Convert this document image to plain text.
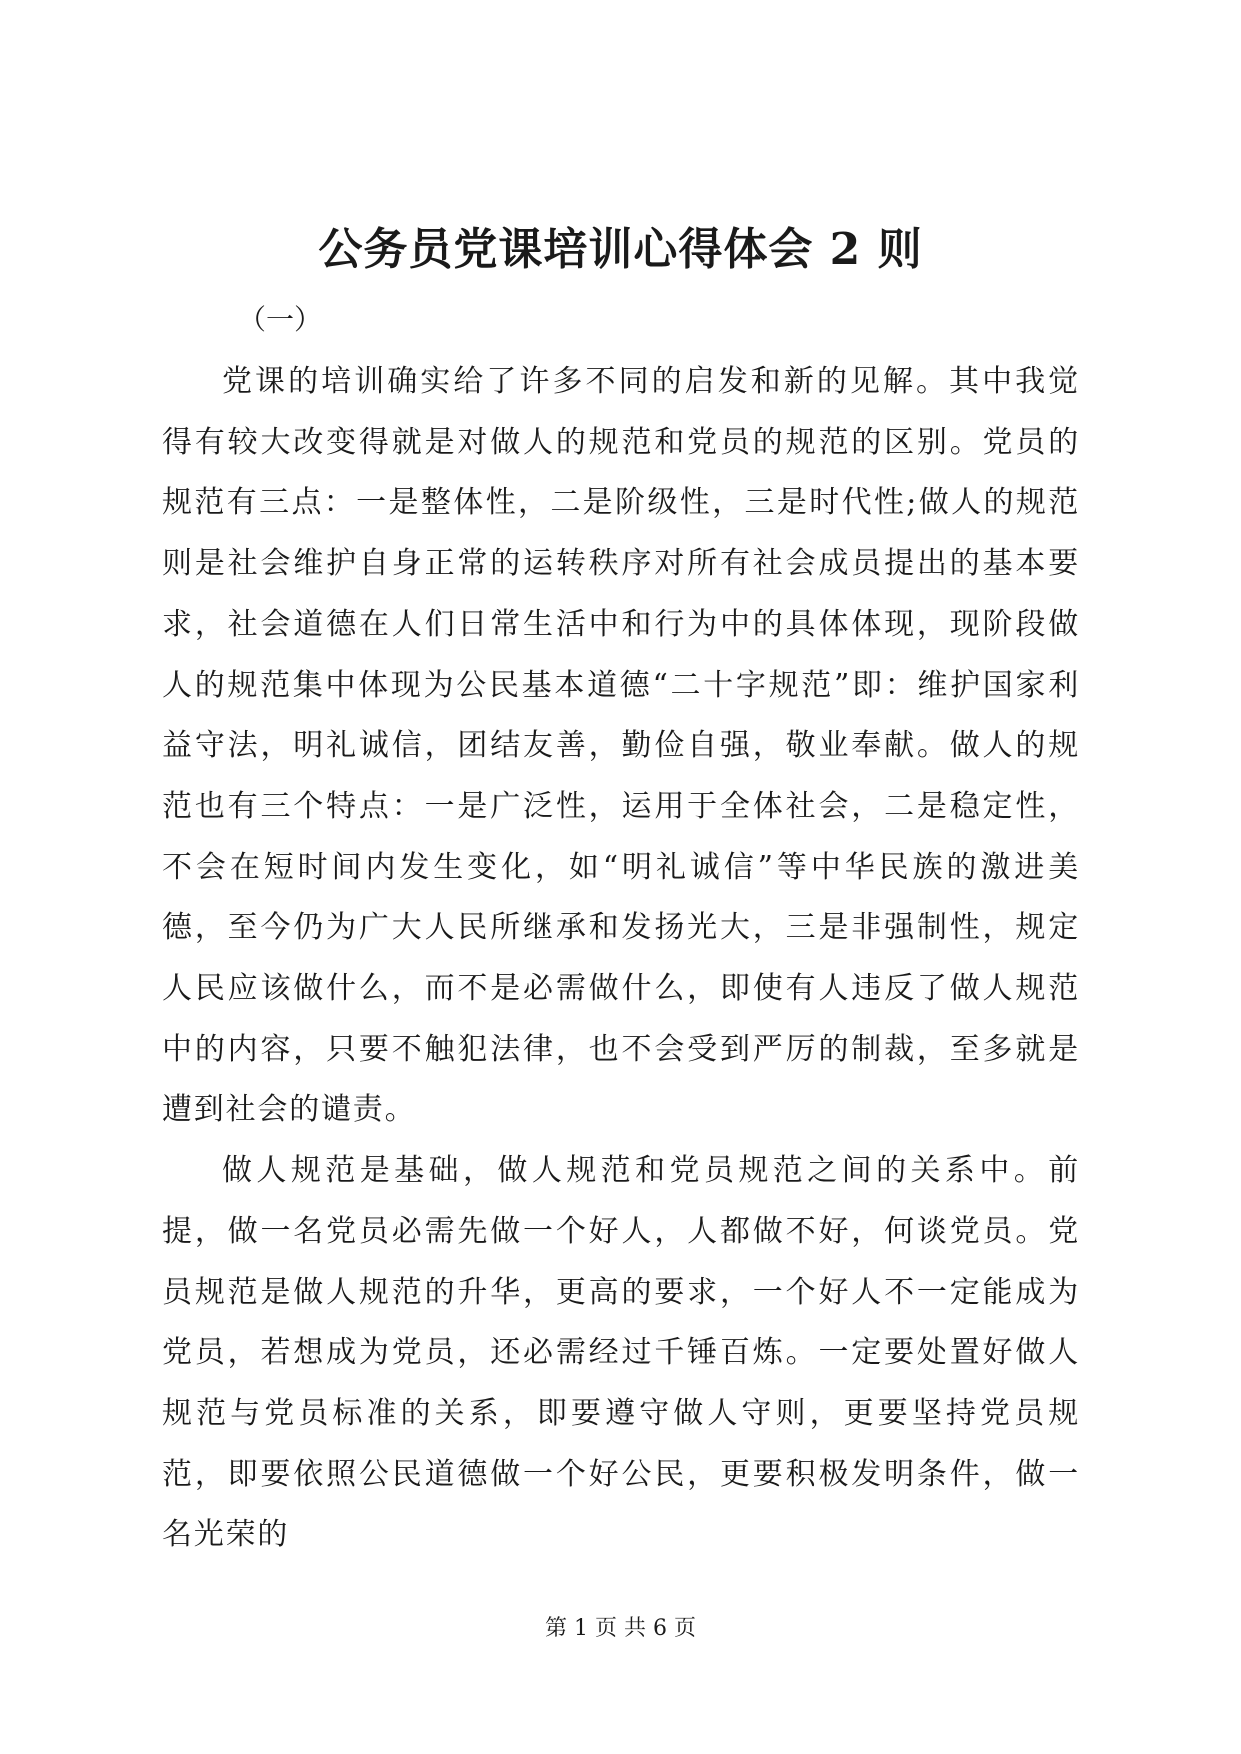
公务员党课培训心得体会 2 则

（一）

党课的培训确实给了许多不同的启发和新的见解。其中我觉得有较大改变得就是对做人的规范和党员的规范的区别。党员的规范有三点：一是整体性，二是阶级性，三是时代性;做人的规范则是社会维护自身正常的运转秩序对所有社会成员提出的基本要求，社会道德在人们日常生活中和行为中的具体体现，现阶段做人的规范集中体现为公民基本道德“二十字规范”即：维护国家利益守法，明礼诚信，团结友善，勤俭自强，敬业奉献。做人的规范也有三个特点：一是广泛性，运用于全体社会，二是稳定性，不会在短时间内发生变化，如“明礼诚信”等中华民族的激进美德，至今仍为广大人民所继承和发扬光大，三是非强制性，规定人民应该做什么，而不是必需做什么，即使有人违反了做人规范中的内容，只要不触犯法律，也不会受到严厉的制裁，至多就是遭到社会的谴责。

做人规范是基础，做人规范和党员规范之间的关系中。前提，做一名党员必需先做一个好人，人都做不好，何谈党员。党员规范是做人规范的升华，更高的要求，一个好人不一定能成为党员，若想成为党员，还必需经过千锤百炼。一定要处置好做人规范与党员标准的关系，即要遵守做人守则，更要坚持党员规范，即要依照公民道德做一个好公民，更要积极发明条件，做一名光荣的

第 1 页 共 6 页
